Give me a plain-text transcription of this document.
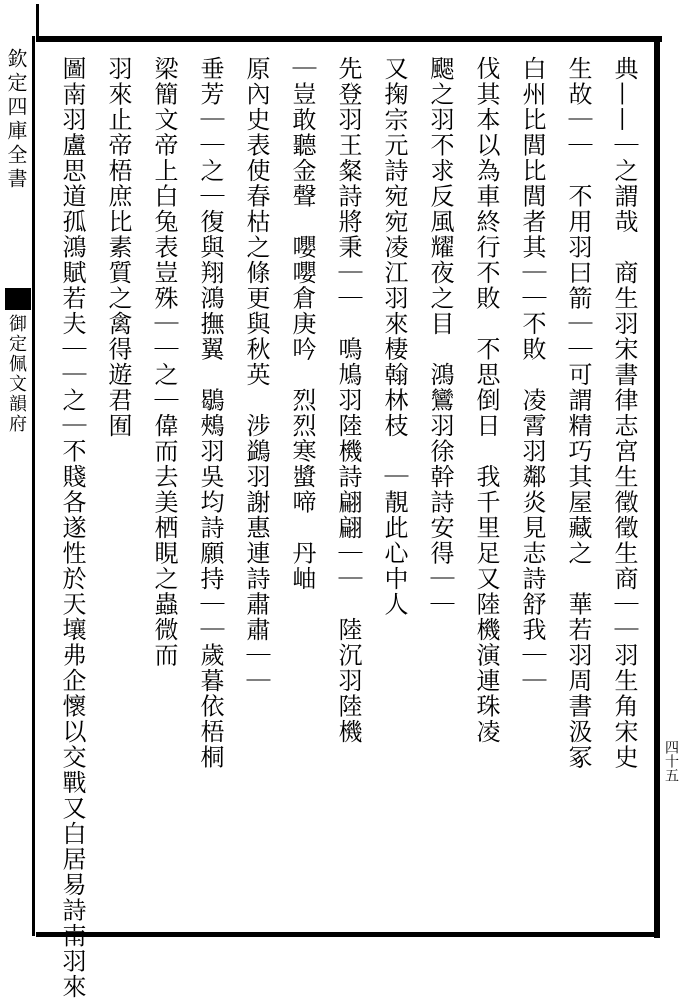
欽定四庫全書
御定佩文韻府
四十五
典——｜之謂哉　商生羽宋書律志宮生徵徵生商｜｜羽生角宋史
生故｜｜　不用羽曰箭｜｜可謂精巧其屋藏之　華若羽周書汲冢
白州比閭比閭者其｜｜不敗　凌霄羽鄰炎見志詩舒我｜｜　
伐其本以為車終行不敗　不思倒日　我千里足又陸機演連珠凌
颸之羽不求反風耀夜之目　鴻鸞羽徐幹詩安得｜｜
又掬宗元詩宛宛凌江羽來棲翰林枝　｜靚此心中人
先登羽王粲詩將秉｜｜　鳴鳩羽陸機詩翩翩｜｜　陸沉羽陸機
｜豈敢聽金聲　嚶嚶倉庚吟　烈烈寒螿啼　丹岫
原內史表使春枯之條更與秋英　涉鷁羽謝惠連詩肅肅｜｜
垂芳｜｜之｜復與翔鴻撫翼　鶡鵊羽吳均詩願持｜｜歲暮依梧桐
梁簡文帝上白兔表豈殊｜｜之｜偉而去美栖睍之蟲微而
羽來止帝梧庶比素質之禽得遊君囿
圖南羽盧思道孤鴻賦若夫｜｜之｜不賤各遂性於天壤弗企懷以交戰又白居易詩南羽來
